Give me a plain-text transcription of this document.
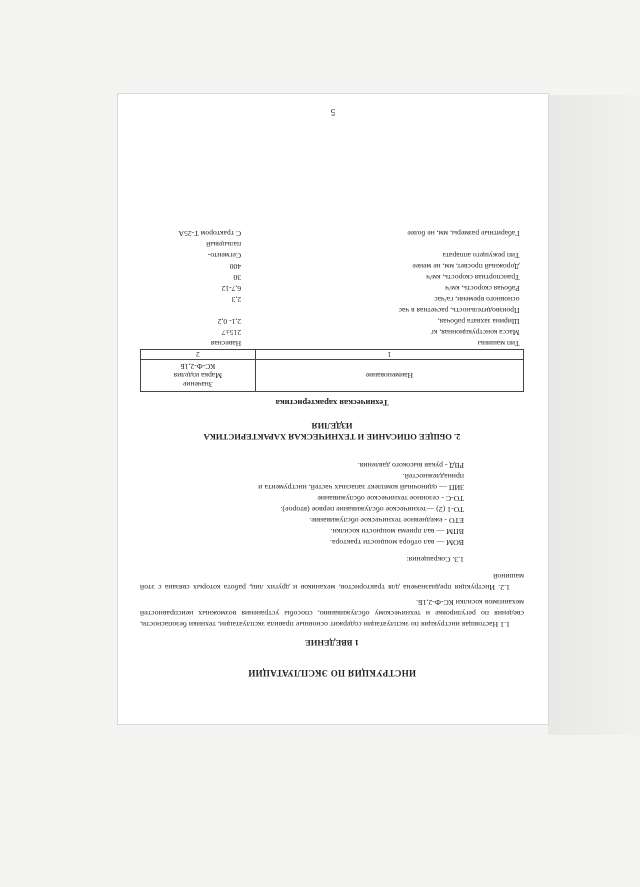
ИНСТРУКЦИЯ ПО ЭКСПЛУАТАЦИИ
1 ВВЕДЕНИЕ

1.1 Настоящая инструкция по эксплуатации содержит основные правила эксплуатации, техники безопасности, сведения по регулировке и техническому обслуживанию, способы устранения возможных неисправностей механизмов косилки КС-Ф-2,1Б.

1.2. Инструкция предназначена для трактористов, механиков и других лиц, работа которых связана с этой машиной

1.3. Сокращения:

ВОМ — вал отбора мощности трактора.
ВПМ — вал приема мощности косилки.
ЕТО - ежедневное техническое обслуживание.
ТО-1 (2) —техническое обслуживание первое (второе).
ТО-С - сезонное техническое обслуживание
ЗИП — одиночный комплект запасных частей, инструмента и
принадлежностей.
РВД - рукав высокого давления.
2. ОБЩЕЕ ОПИСАНИЕ И ТЕХНИЧЕСКАЯ ХАРАКТЕРИСТИКА
ИЗДЕЛИЯ
Техническая характеристика
Наименование	Значение
Марка изделия
КС-Ф-2,1Б

1	2
Тип машины	Навесная
Масса конструкционная, кг	215±7
Ширина захвата рабочая,	2,1- 0,2
Производительность, расчетная в час	
основного времени, га/час	2,3
Рабочая скорость, км/ч	6,7-12
Транспортная скорость, км/ч	30
Дорожный просвет, мм, не менее	400
Тип режущего аппарата	Сегменто-
	пальцевый
Габаритные размеры, мм, не более	С трактором Т-25А
5
